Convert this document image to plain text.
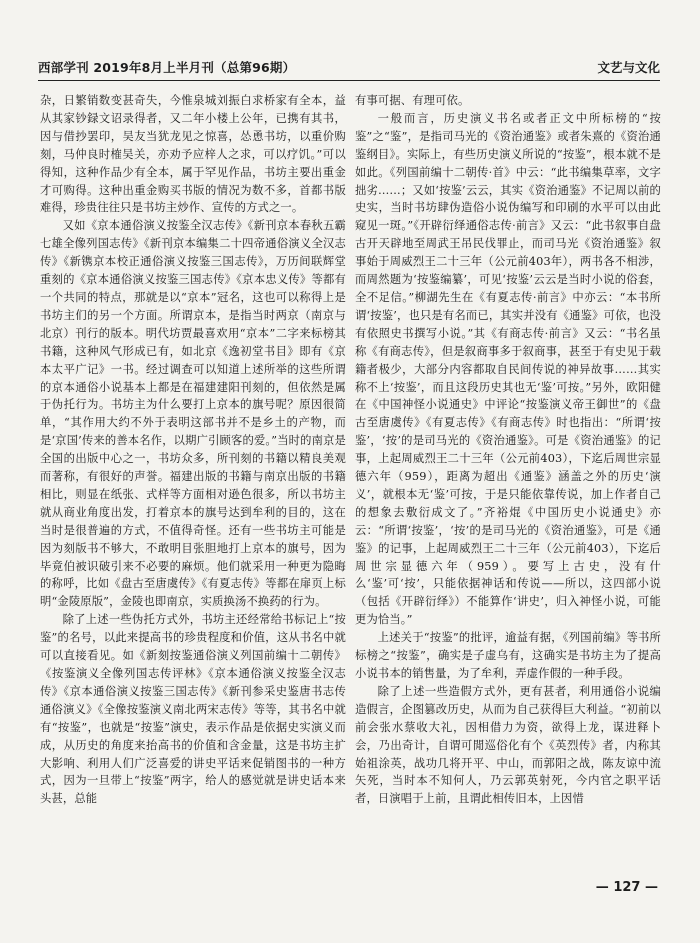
西部学刊 2019年8月上半月刊（总第96期）	文艺与文化

杂，日繁销数变甚奇失，今惟泉城刘振白求桥家有全本，益从其家钞録文诏录得者，又二年小楼上公年，已携有其书，因与借抄罢印，吴友当犹龙见之惊喜，怂恿书坊，以重价购刻，马仲良时榷吴关，亦劝予应梓人之求，可以疗饥。”可以得知，这种作品少有全本，属于罕见作品，书坊主要出重金才可购得。这种出重金购买书版的情况为数不多，首都书版难得，珍贵往往只是书坊主炒作、宣传的方式之一。

又如《京本通俗演义按鉴全汉志传》《新刊京本春秋五霸七雄全像列国志传》《新刊京本编集二十四帝通俗演义全汉志传》《新镌京本校正通俗演义按鉴三国志传》，万历间联辉堂重刻的《京本通俗演义按鉴三国志传》《京本忠义传》等都有一个共同的特点，那就是以“京本”冠名，这也可以称得上是书坊主们的另一个方面。所谓京本，是指当时两京（南京与北京）刊行的版本。明代坊贾最喜欢用“京本”二字来标榜其书籍，这种风气形成已有，如北京《逸初堂书目》即有《京本太平广记》一书。经过调查可以知道上述所举的这些所谓的京本通俗小说基本上都是在福建建阳刊刻的，但依然是属于伪托行为。书坊主为什么要打上京本的旗号呢？原因很简单，“其作用大约不外于表明这部书并不是乡土的产物，而是‘京国’传来的善本名作，以期广引顾客的爱。”当时的南京是全国的出版中心之一，书坊众多，所刊刻的书籍以精良美观而著称，有很好的声誉。福建出版的书籍与南京出版的书籍相比，则显在纸张、式样等方面相对逊色很多，所以书坊主就从商业角度出发，打着京本的旗号达到牟利的目的，这在当时是很普遍的方式，不值得奇怪。还有一些书坊主可能是因为刻版书不够大，不敢明目张胆地打上京本的旗号，因为毕竟伯被识破引来不必要的麻烦。他们就采用一种更为隐晦的称呼，比如《盘古至唐虞传》《有夏志传》等都在扉页上标明“金陵原版”，金陵也即南京，实质换汤不换药的行为。

除了上述一些伪托方式外，书坊主还经常给书标记上“按鉴”的名号，以此来提高书的珍贵程度和价值，这从书名中就可以直接看见。如《新刻按鉴通俗演义列国前编十二朝传》《按鉴演义全像列国志传评林》《京本通俗演义按鉴全汉志传》《京本通俗演义按鉴三国志传》《新刊参采史鉴唐书志传通俗演义》《全像按鉴演义南北两宋志传》等等，其书名中就有“按鉴”，也就是“按鉴”演史，表示作品是依据史实演义而成，从历史的角度来抬高书的价值和含金量，这是书坊主扩大影响、利用人们广泛喜爱的讲史平话来促销图书的一种方式，因为一旦带上“按鉴”两字，给人的感觉就是讲史话本来头甚，总能

有事可据、有理可依。

一般而言，历史演义书名或者正文中所标榜的“按鉴”之“鉴”，是指司马光的《资治通鉴》或者朱熹的《资治通鉴纲目》。实际上，有些历史演义所说的“按鉴”，根本就不是如此。《列国前编十二朝传·首》中云：“此书编集草率，文字拙劣……；又如‘按鉴’云云，其实《资治通鉴》不记周以前的史实，当时书坊肆伪造俗小说伪编写和印刷的水平可以由此窥见一斑。”《开辟衍绎通俗志传·前言》又云：“此书叙事自盘古开天辟地至周武王吊民伐罪止，而司马光《资治通鉴》叙事始于周威烈王二十三年（公元前403年），两书各不相涉，而周然题为‘按鉴编纂’，可见‘按鉴’云云是当时小说的俗套，全不足信。”柳湖先生在《有夏志传·前言》中亦云：“本书所谓‘按鉴’，也只是有名而已，其实并没有《通鉴》可依，也没有依照史书撰写小说。”其《有商志传·前言》又云：“书名虽称《有商志传》，但是叙商事多于叙商事，甚至于有史见于载籍者极少，大部分内容都取自民间传说的神异故事……其实称不上‘按鉴’，而且这段历史其也无‘鉴’可按。”另外，欧阳健在《中国神怪小说通史》中评论“按鉴演义帝王御世”的《盘古至唐虞传》《有夏志传》《有商志传》时也指出：“所谓‘按鉴’，‘按’的是司马光的《资治通鉴》。可是《资治通鉴》的记事，上起周威烈王二十三年（公元前403），下迄后周世宗显德六年（959），距离为超出《通鉴》涵盖之外的历史‘演义’，就根本无‘鉴’可按，于是只能依靠传说，加上作者自己的想象去敷衍成文了。”齐裕焜《中国历史小说通史》亦云：“所谓‘按鉴’，‘按’的是司马光的《资治通鉴》，可是《通鉴》的记事，上起周威烈王二十三年（公元前403），下迄后周世宗显德六年（959）。要写上古史，没有什么‘鉴’可‘按’，只能依据神话和传说——所以，这四部小说（包括《开辟衍绎》）不能算作‘讲史’，归入神怪小说，可能更为恰当。”

上述关于“按鉴”的批评，逾益有据，《列国前编》等书所标榜之“按鉴”，确实是子虚乌有，这确实是书坊主为了提高小说书本的销售量，为了牟利，弄虚作假的一种手段。

除了上述一些造假方式外，更有甚者，利用通俗小说编造假言，企图篡改历史，从而为自己获得巨大利益。“初前以前会张水蔡收大礼，因相借力为资，欲得上龙，谋进释卜会，乃出奇计，自谓可閒巡俗化有个《英烈传》者，内称其始祖涂英，战功几将开平、中山，而郭阳之战，陈友谅中流矢死，当时本不知何人，乃云郭英射死，今内官之职平话者，日演唱于上前，且谓此相传旧本，上因惜

— 127 —
